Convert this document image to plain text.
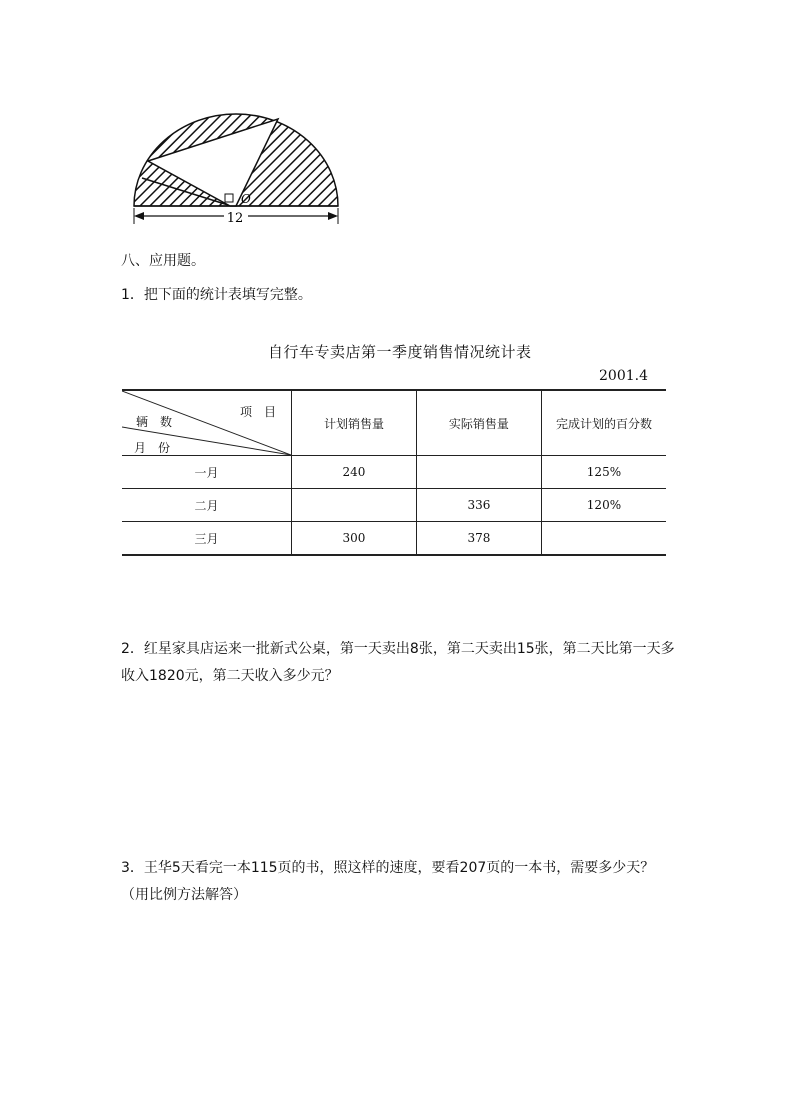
12
O
八、应用题。
1．把下面的统计表填写完整。
自行车专卖店第一季度销售情况统计表
2001.4
项　目
辆　数
月　份	计划销售量	实际销售量	完成计划的百分数
一月	240		125%
二月		336	120%
三月	300	378	
2．红星家具店运来一批新式公桌，第一天卖出8张，第二天卖出15张，第二天比第一天多收入1820元，第二天收入多少元？
3．王华5天看完一本115页的书，照这样的速度，要看207页的一本书，需要多少天？（用比例方法解答）
